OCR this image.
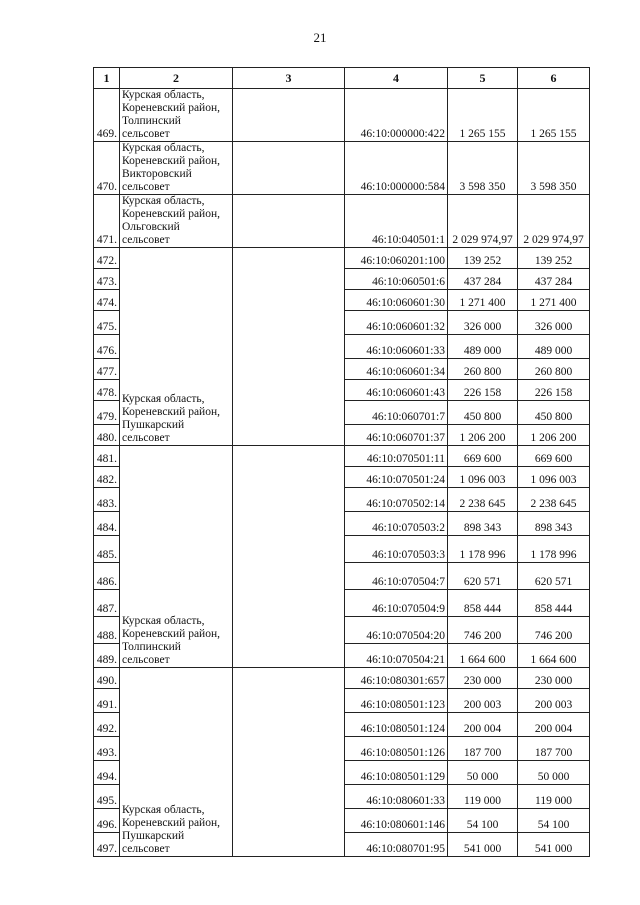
21
1	2	3	4	5	6
469.	Курская область, Кореневский район, Толпинский сельсовет		46:10:000000:422	1 265 155	1 265 155
470.	Курская область, Кореневский район, Викторовский сельсовет		46:10:000000:584	3 598 350	3 598 350
471.	Курская область, Кореневский район, Ольговский сельсовет		46:10:040501:1	2 029 974,97	2 029 974,97
472.	Курская область, Кореневский район, Пушкарский сельсовет		46:10:060201:100	139 252	139 252
473.			46:10:060501:6	437 284	437 284
474.			46:10:060601:30	1 271 400	1 271 400
475.			46:10:060601:32	326 000	326 000
476.			46:10:060601:33	489 000	489 000
477.			46:10:060601:34	260 800	260 800
478.			46:10:060601:43	226 158	226 158
479.			46:10:060701:7	450 800	450 800
480.			46:10:060701:37	1 206 200	1 206 200
481.	Курская область, Кореневский район, Толпинский сельсовет		46:10:070501:11	669 600	669 600
482.			46:10:070501:24	1 096 003	1 096 003
483.			46:10:070502:14	2 238 645	2 238 645
484.			46:10:070503:2	898 343	898 343
485.			46:10:070503:3	1 178 996	1 178 996
486.			46:10:070504:7	620 571	620 571
487.			46:10:070504:9	858 444	858 444
488.			46:10:070504:20	746 200	746 200
489.			46:10:070504:21	1 664 600	1 664 600
490.	Курская область, Кореневский район, Пушкарский сельсовет		46:10:080301:657	230 000	230 000
491.			46:10:080501:123	200 003	200 003
492.			46:10:080501:124	200 004	200 004
493.			46:10:080501:126	187 700	187 700
494.			46:10:080501:129	50 000	50 000
495.			46:10:080601:33	119 000	119 000
496.			46:10:080601:146	54 100	54 100
497.			46:10:080701:95	541 000	541 000
